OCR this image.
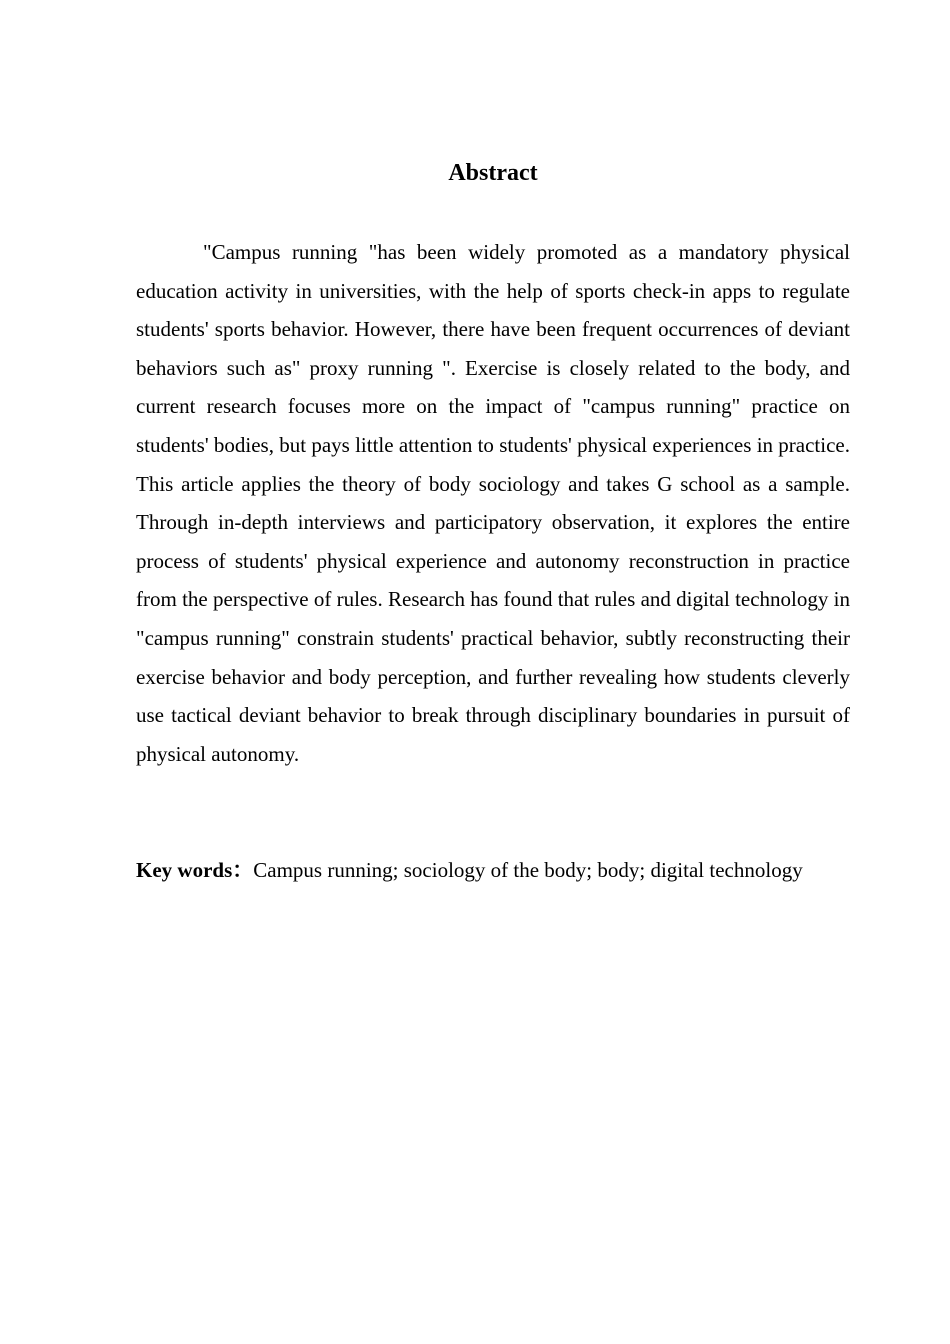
Abstract

"Campus running "has been widely promoted as a mandatory physical education activity in universities, with the help of sports check-in apps to regulate students' sports behavior. However, there have been frequent occurrences of deviant behaviors such as" proxy running ". Exercise is closely related to the body, and current research focuses more on the impact of "campus running" practice on students' bodies, but pays little attention to students' physical experiences in practice. This article applies the theory of body sociology and takes G school as a sample. Through in-depth interviews and participatory observation, it explores the entire process of students' physical experience and autonomy reconstruction in practice from the perspective of rules. Research has found that rules and digital technology in "campus running" constrain students' practical behavior, subtly reconstructing their exercise behavior and body perception, and further revealing how students cleverly use tactical deviant behavior to break through disciplinary boundaries in pursuit of physical autonomy.

Key words：Campus running; sociology of the body; body; digital technology
